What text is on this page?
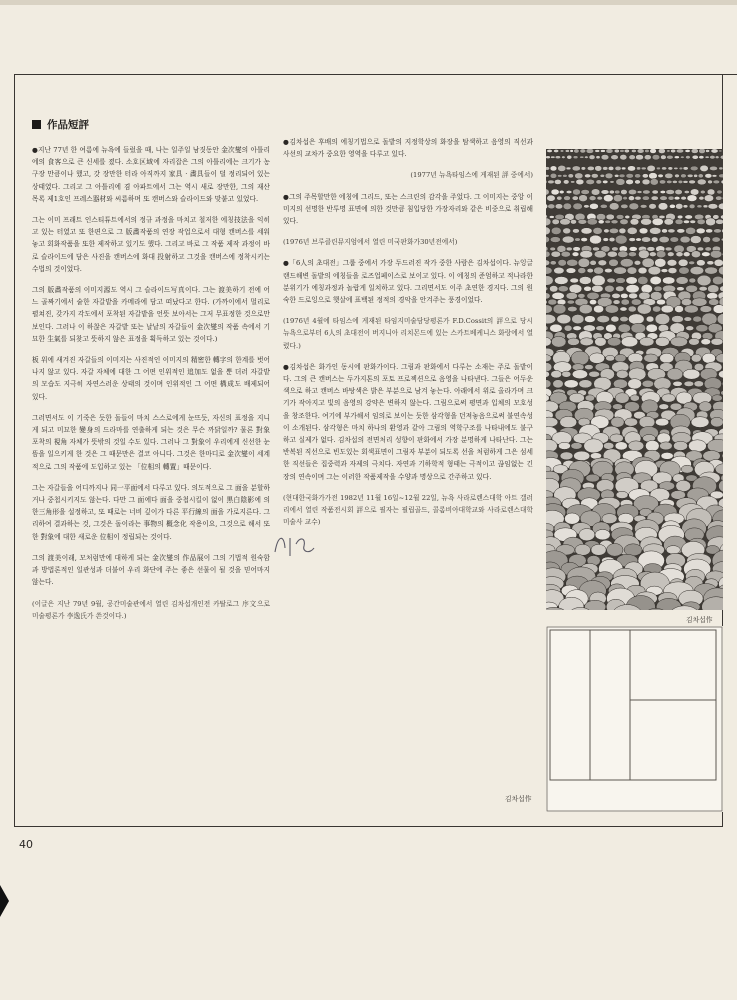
作品短評

●지난 77년 한 여름에 뉴욕에 들렀을 때, 나는 일주일 남짓동안 金次燮의 아틀리에의 食客으로 큰 신세를 졌다. 소호区域에 자리잡은 그의 아틀리에는 크기가 농구장 만큼이나 했고, 갓 장만한 터라 아직까지 家具 · 畵具들이 덜 정리되어 있는 상태였다. 그리고 그 아틀리에 겸 아파트에서 그는 역시 새로 장만한, 그의 재산 목록 제1호인 프레스器材와 씨름하며 또 캔버스와 슬라이드와 맞붙고 있었다.

그는 이미 프래트 인스티튜트에서의 정규 과정을 마치고 철저한 에칭技法을 익히고 있는 터였고 또 한편으로 그 版畵작품의 연장 작업으로서 대형 캔버스를 세워놓고 회화작품을 또한 제작하고 있기도 했다. 그리고 바로 그 작품 제작 과정이 바로 슬라이드에 담은 사진을 캔버스에 화대 投射하고 그것을 캔버스에 정착시키는 수법의 것이었다.

그의 版畵작품의 이미지源도 역시 그 슬라이드写真이다. 그는 渡美하기 전에 어느 골짜기에서 숱한 자갈밭을 카메라에 담고 떠났다고 한다. (가까이에서 멀리로 펼쳐진, 갖가지 각도에서 포착된 자갈밭을 언뜻 보아서는 그저 무표정한 것으로만 보인다. 그러나 이 하찮은 자갈밭 또는 날낱의 자갈들이 金次燮의 작품 속에서 기묘한 生氣를 되찾고 뜻하지 않은 표정을 획득하고 있는 것이다.)

板 위에 새겨진 자갈들의 이미지는 사진적인 이미지의 精密한 轉字의 한계를 벗어나지 않고 있다. 자갈 자체에 대한 그 어떤 인위적인 追加도 없을 뿐 더러 자갈밭의 모습도 지극히 자연스러운 상태의 것이며 인위적인 그 어떤 構成도 배제되어 있다.

그러면서도 이 기죽은 듯한 돌들이 마치 스스로에게 눈뜨듯, 자신의 표정을 지니게 되고 미묘한 變身의 드라마를 연출하게 되는 것은 무슨 까닭일까? 물론 對象 포착의 視角 자체가 뜻밖의 것일 수도 있다. 그러나 그 對象이 우리에게 신선한 눈뜸을 일으키게 한 것은 그 때문만은 결코 아니다. 그것은 한마디로 金次燮이 세계적으로 그의 작품에 도입하고 있는 「位相의 轉置」때문이다.

그는 자갈들을 어디까지나 同一平面에서 다루고 있다. 의도적으로 그 面을 분할하거나 중첩시키지도 않는다. 다만 그 面에다 面을 중첩시킬이 없이 黒白陰影에 의한三角形을 설정하고, 또 때로는 너비 깊이가 다른 平行線의 面을 가로지른다. 그리하여 결과하는 것, 그것은 돌이라는 事物의 概念化 작용이요, 그것으로 해서 또한 對象에 대한 새로운 位相이 정립되는 것이다.

그의 渡美이래, 모처럼만에 대하게 되는 金次燮의 作品展이 그의 기법적 원숙함과 방법론적인 일관성과 더불어 우리 화단에 주는 좋은 선물이 될 것을 믿어마지 않는다.

(이글은 지난 79년 9월, 공간미술관에서 열린 김차섭개인전 카탈로그 序文으로 미술평론가 李逸氏가 쓴것이다.)

●김차섭은 후배의 에칭기법으로 돌밭의 지정학상의 화장을 탐색하고 음영의 직선과 사선의 교차가 중요한 영역을 다루고 있다.

(1977년 뉴욕타임스에 게재된 評 중에서)

●그의 주목할만한 에칭에 그리드, 또는 스크린의 감각을 주었다. 그 이미지는 중앙 이미지의 선명한 반투명 표면에 의한 것만큼 침입당한 가장자리와 같은 비중으로 취립해 있다.

(1976년 브루클린뮤지엄에서 열린 미국판화가30년전에서)

●「6人의 초대전」그룹 중에서 가장 두드러진 작가 중한 사람은 김차섭이다. 뉴잉글랜드해변 돌밭의 에칭들을 로즈업페이스로 보이고 있다. 이 에칭의 준엄하고 적나라한 분위기가 에칭과정과 놀랍게 일치하고 있다. 그리면서도 이주 초연한 경지다. 그의 원숙한 드로잉으로 햇살에 표백된 정적의 경악을 안겨주는 풍경이었다.

(1976년 4월에 타임스에 게재된 타임지미술담당평론가 F.D.Cossit의 評으로 당시 뉴욕으로부터 6人의 초대전이 버지니아 리치몬드에 있는 스카트베케니스 화랑에서 열렸다.)

●김차섭은 화가인 동시에 판화가이다. 그림과 판화에서 다루는 소재는 주로 돌밭이다. 그의 큰 캔버스는 두가지톤의 포토 프로젝션으로 음영을 나타낸다. 그들은 어두운 색으로 하고 캔버스 바탕색은 밝은 부분으로 남겨 놓는다. 아래에서 위로 올라가며 크기가 작아지고 빛의 음영의 강약은 변하지 않는다. 그림으로써 평면과 입체의 모호성을 창조한다. 여기에 부가해서 임의로 보이는 듯한 삼각형을 던져놓음으로써 불연속성이 소개된다. 삼각형은 마치 하나의 환영과 같아 그림의 역학구조를 나타내에도 불구하고 실제가 없다. 김차섭의 전면처리 성향이 판화에서 가장 분명하게 나타난다. 그는 반복된 직선으로 빈도있는 회색표면이 그림자 부분이 되도록 선을 처럼하게 그은 섬세한 직선들은 집중력과 자제의 극치다. 자연과 기하학적 형태는 극적이고 끊임없는 긴장의 연속이며 그는 이러한 작품제작을 수양과 명상으로 간주하고 있다.

(현대한국화가가전 1982년 11월 16일~12월 22일, 뉴욕 사라로렌스대학 아트 갤러리에서 열린 작품전시회 評으로 필자는 필립골드, 콜롬비아대학교와 사라로렌스대학 미술사 교수)

김차섭作
김차섭作
40
